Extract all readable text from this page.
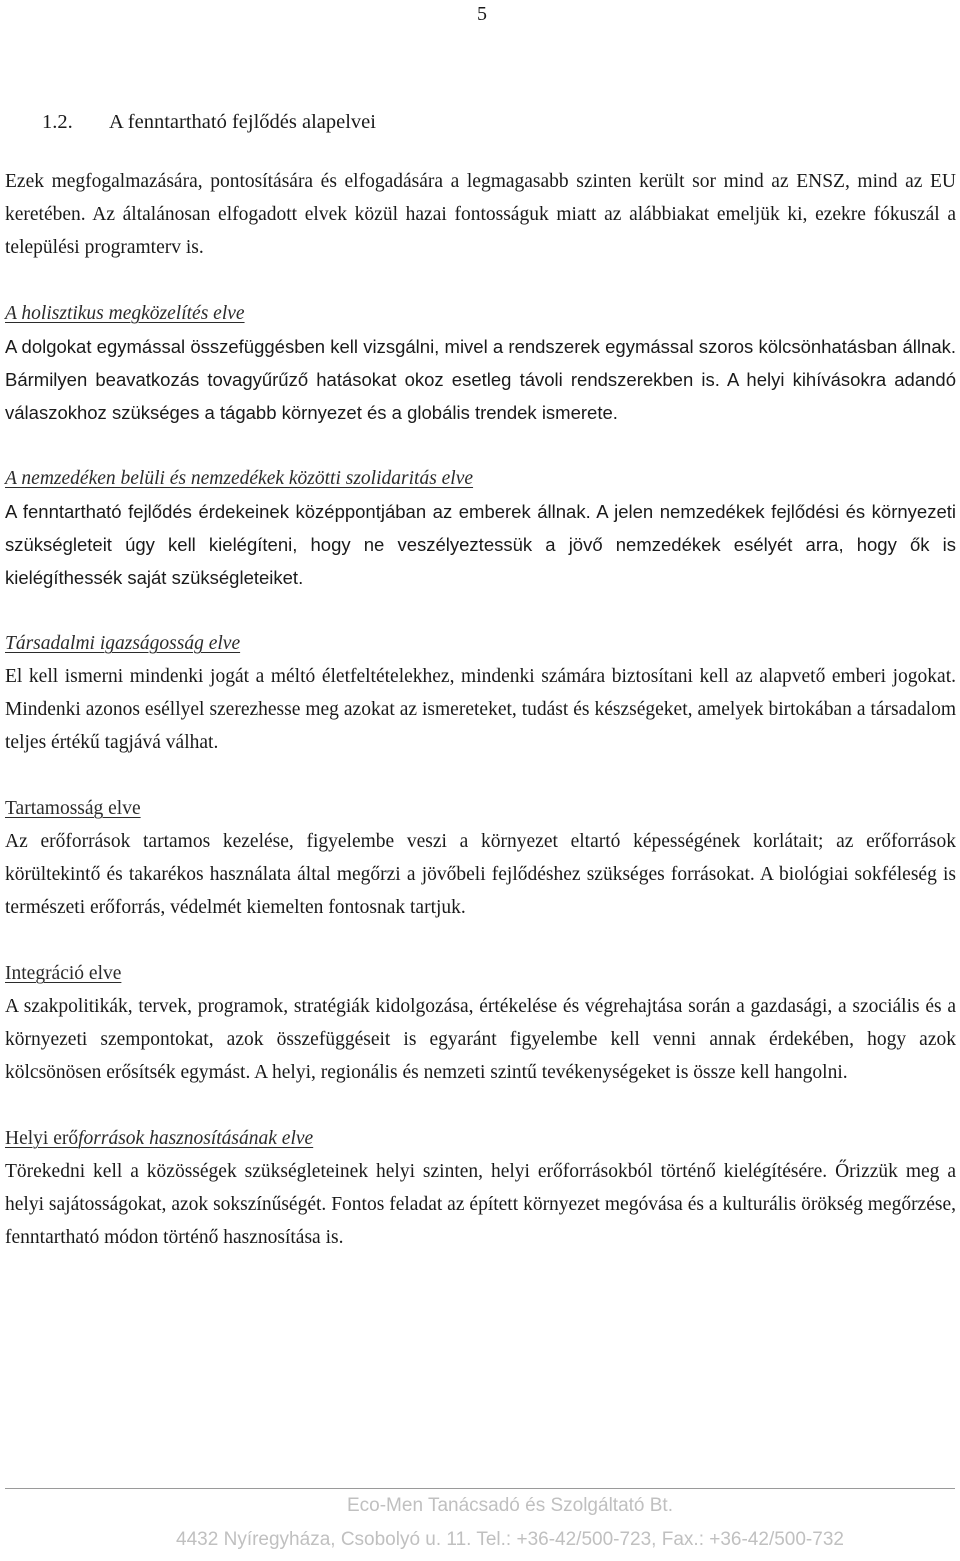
5
1.2.	A fenntartható fejlődés alapelvei

Ezek megfogalmazására, pontosítására és elfogadására a legmagasabb szinten került sor mind az ENSZ, mind az EU keretében. Az általánosan elfogadott elvek közül hazai fontosságuk miatt az alábbiakat emeljük ki, ezekre fókuszál a települési programterv is.

A holisztikus megközelítés elve

A dolgokat egymással összefüggésben kell vizsgálni, mivel a rendszerek egymással szoros kölcsönhatásban állnak. Bármilyen beavatkozás tovagyűrűző hatásokat okoz esetleg távoli rendszerekben is. A helyi kihívásokra adandó válaszokhoz szükséges a tágabb környezet és a globális trendek ismerete.

A nemzedéken belüli és nemzedékek közötti szolidaritás elve

A fenntartható fejlődés érdekeinek középpontjában az emberek állnak. A jelen nemzedékek fejlődési és környezeti szükségleteit úgy kell kielégíteni, hogy ne veszélyeztessük a jövő nemzedékek esélyét arra, hogy ők is kielégíthessék saját szükségleteiket.

Társadalmi igazságosság elve

El kell ismerni mindenki jogát a méltó életfeltételekhez, mindenki számára biztosítani kell az alapvető emberi jogokat. Mindenki azonos eséllyel szerezhesse meg azokat az ismereteket, tudást és készségeket, amelyek birtokában a társadalom teljes értékű tagjává válhat.

Tartamosság elve

Az erőforrások tartamos kezelése, figyelembe veszi a környezet eltartó képességének korlátait; az erőforrások körültekintő és takarékos használata által megőrzi a jövőbeli fejlődéshez szükséges forrásokat. A biológiai sokféleség is természeti erőforrás, védelmét kiemelten fontosnak tartjuk.

Integráció elve

A szakpolitikák, tervek, programok, stratégiák kidolgozása, értékelése és végrehajtása során a gazdasági, a szociális és a környezeti szempontokat, azok összefüggéseit is egyaránt figyelembe kell venni annak érdekében, hogy azok kölcsönösen erősítsék egymást. A helyi, regionális és nemzeti szintű tevékenységeket is össze kell hangolni.

Helyi erőforrások hasznosításának elve

Törekedni kell a közösségek szükségleteinek helyi szinten, helyi erőforrásokból történő kielégítésére. Őrizzük meg a helyi sajátosságokat, azok sokszínűségét. Fontos feladat az épített környezet megóvása és a kulturális örökség megőrzése, fenntartható módon történő hasznosítása is.

Eco-Men Tanácsadó és Szolgáltató Bt.
4432 Nyíregyháza, Csobolyó u. 11. Tel.: +36-42/500-723, Fax.: +36-42/500-732
